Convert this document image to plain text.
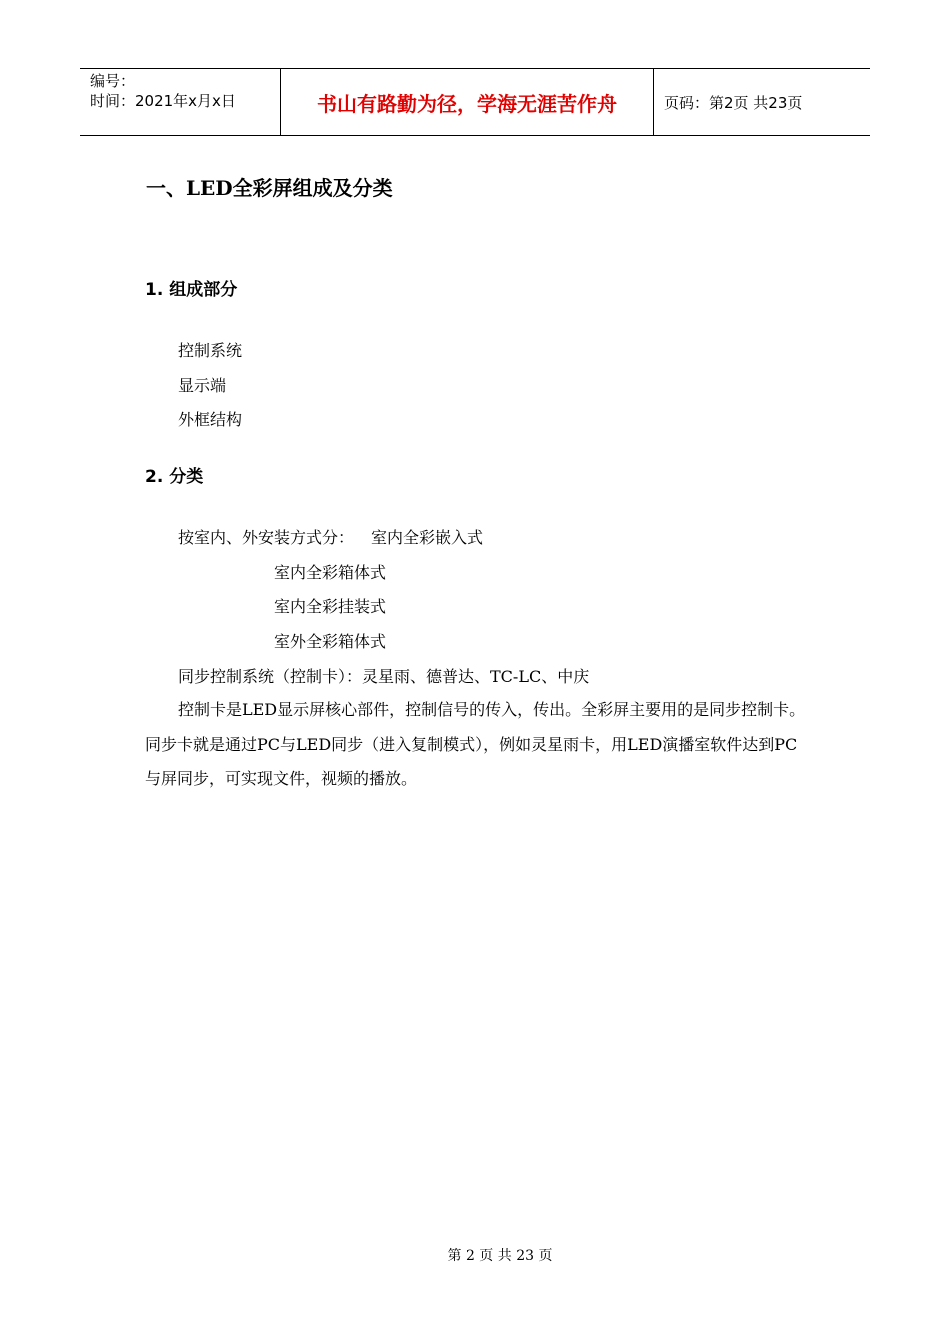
编号：
时间：2021年x月x日	书山有路勤为径，学海无涯苦作舟	页码：第2页 共23页
一、LED全彩屏组成及分类
1. 组成部分
控制系统
显示端
外框结构
2. 分类
按室内、外安装方式分： 室内全彩嵌入式
室内全彩箱体式
室内全彩挂装式
室外全彩箱体式
同步控制系统（控制卡）：灵星雨、德普达、TC-LC、中庆
控制卡是LED显示屏核心部件，控制信号的传入，传出。全彩屏主要用的是同步控制卡。同步卡就是通过PC与LED同步（进入复制模式），例如灵星雨卡，用LED演播室软件达到PC与屏同步，可实现文件，视频的播放。
第 2 页 共 23 页
